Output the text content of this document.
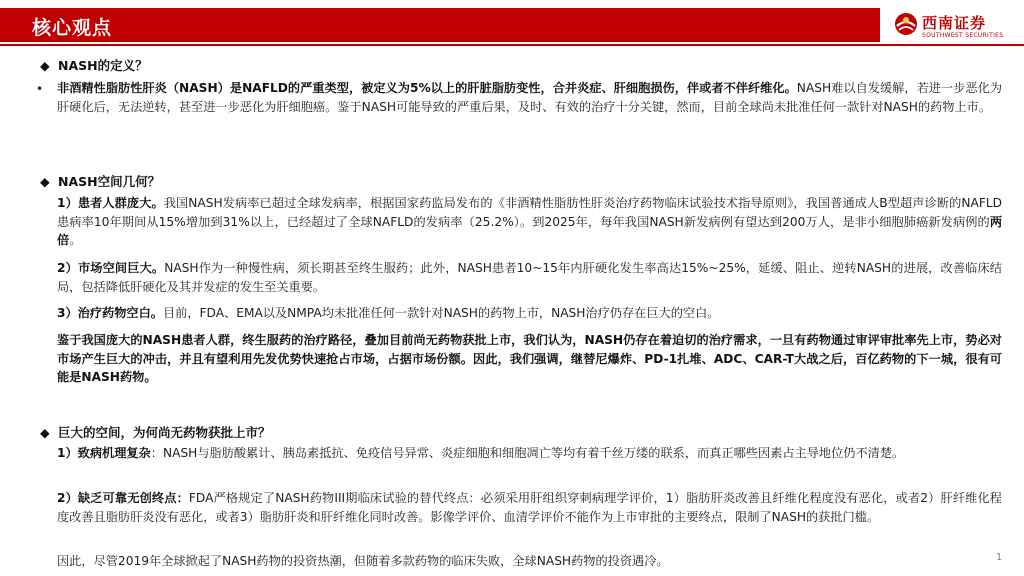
核心观点	西南证券
SOUTHWEST SECURITIES
◆ NASH的定义？
• 非酒精性脂肪性肝炎（NASH）是NAFLD的严重类型，被定义为5%以上的肝脏脂肪变性，合并炎症、肝细胞损伤，伴或者不伴纤维化。NASH难以自发缓解，若进一步恶化为肝硬化后，无法逆转，甚至进一步恶化为肝细胞癌。鉴于NASH可能导致的严重后果，及时、有效的治疗十分关键，然而，目前全球尚未批准任何一款针对NASH的药物上市。

◆ NASH空间几何？

1）患者人群庞大。我国NASH发病率已超过全球发病率，根据国家药监局发布的《非酒精性脂肪性肝炎治疗药物临床试验技术指导原则》，我国普通成人B型超声诊断的NAFLD患病率10年期间从15%增加到31%以上，已经超过了全球NAFLD的发病率（25.2%）。到2025年，每年我国NASH新发病例有望达到200万人，是非小细胞肺癌新发病例的两倍。

2）市场空间巨大。NASH作为一种慢性病，须长期甚至终生服药；此外，NASH患者10~15年内肝硬化发生率高达15%~25%，延缓、阻止、逆转NASH的进展，改善临床结局，包括降低肝硬化及其并发症的发生至关重要。

3）治疗药物空白。目前，FDA、EMA以及NMPA均未批准任何一款针对NASH的药物上市，NASH治疗仍存在巨大的空白。

鉴于我国庞大的NASH患者人群，终生服药的治疗路径，叠加目前尚无药物获批上市，我们认为，NASH仍存在着迫切的治疗需求，一旦有药物通过审评审批率先上市，势必对市场产生巨大的冲击，并且有望利用先发优势快速抢占市场，占据市场份额。因此，我们强调，继替尼爆炸、PD-1扎堆、ADC、CAR-T大战之后，百亿药物的下一城，很有可能是NASH药物。

◆ 巨大的空间，为何尚无药物获批上市？

1）致病机理复杂：NASH与脂肪酸累计、胰岛素抵抗、免疫信号异常、炎症细胞和细胞凋亡等均有着千丝万缕的联系，而真正哪些因素占主导地位仍不清楚。

2）缺乏可靠无创终点：FDA严格规定了NASH药物III期临床试验的替代终点：必须采用肝组织穿刺病理学评价，1）脂肪肝炎改善且纤维化程度没有恶化，或者2）肝纤维化程度改善且脂肪肝炎没有恶化，或者3）脂肪肝炎和肝纤维化同时改善。影像学评价、血清学评价不能作为上市审批的主要终点，限制了NASH的获批门槛。

因此，尽管2019年全球掀起了NASH药物的投资热潮，但随着多款药物的临床失败，全球NASH药物的投资遇冷。	1
